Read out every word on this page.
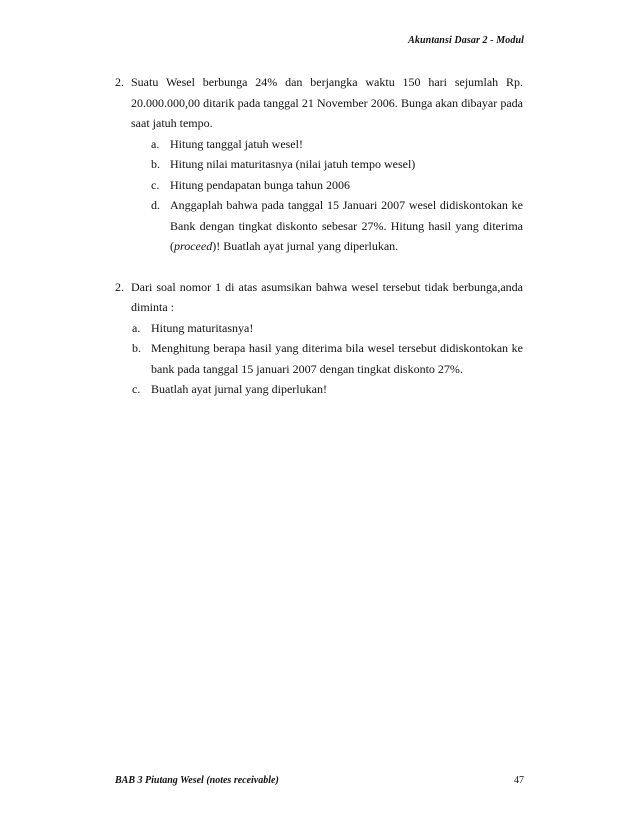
Akuntansi Dasar 2 - Modul
2. Suatu Wesel berbunga 24% dan berjangka waktu 150 hari sejumlah Rp.
20.000.000,00 ditarik pada tanggal 21 November 2006. Bunga akan dibayar pada
saat jatuh tempo.
a. Hitung tanggal jatuh wesel!
b. Hitung nilai maturitasnya (nilai jatuh tempo wesel)
c. Hitung pendapatan bunga tahun 2006
d. Anggaplah bahwa pada tanggal 15 Januari 2007 wesel didiskontokan ke
Bank dengan tingkat diskonto sebesar 27%. Hitung hasil yang diterima
(proceed)! Buatlah ayat jurnal yang diperlukan.
2. Dari soal nomor 1 di atas asumsikan bahwa wesel tersebut tidak berbunga,anda
diminta :
a. Hitung maturitasnya!
b. Menghitung berapa hasil yang diterima bila wesel tersebut didiskontokan ke
bank pada tanggal 15 januari 2007 dengan tingkat diskonto 27%.
c. Buatlah ayat jurnal yang diperlukan!
BAB 3 Piutang Wesel (notes receivable)	47
